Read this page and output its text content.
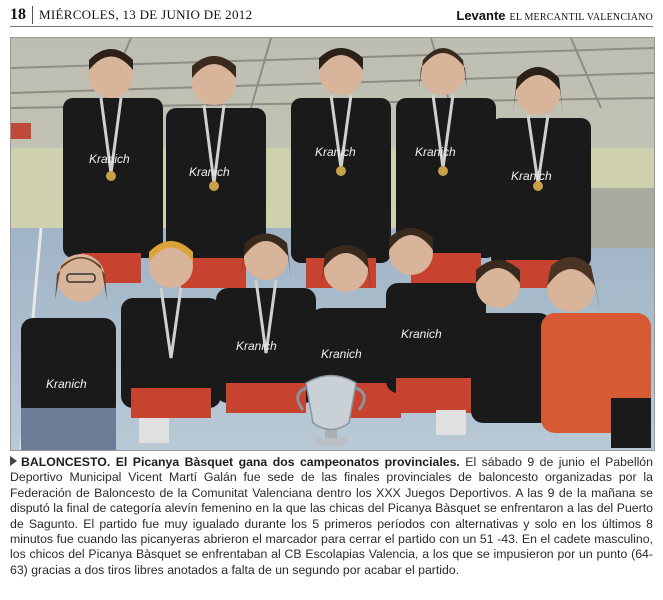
18	MIÉRCOLES, 13 DE JUNIO DE 2012	Levante EL MERCANTIL VALENCIANO
Kranich
Kranich
Kranich	Kranich
Kranich
Kranich
Kranich
Kranich
Kranich
BALONCESTO. El Picanya Bàsquet gana dos campeonatos provinciales. El sábado 9 de junio el Pabellón Deportivo Municipal Vicent Martí Galán fue sede de las finales provinciales de baloncesto organizadas por la Federación de Baloncesto de la Comunitat Valenciana dentro los XXX Juegos Deportivos. A las 9 de la mañana se disputó la final de categoría alevín femenino en la que las chicas del Picanya Bàsquet se enfrentaron a las del Puerto de Sagunto. El partido fue muy igualado durante los 5 primeros períodos con alternativas y solo en los últimos 8 minutos fue cuando las picanyeras abrieron el marcador para cerrar el partido con un 51 -43. En el cadete masculino, los chicos del Picanya Bàsquet se enfrentaban al CB Escolapias Valencia, a los que se impusieron por un punto (64-63) gracias a dos tiros libres anotados a falta de un segundo por acabar el partido.
